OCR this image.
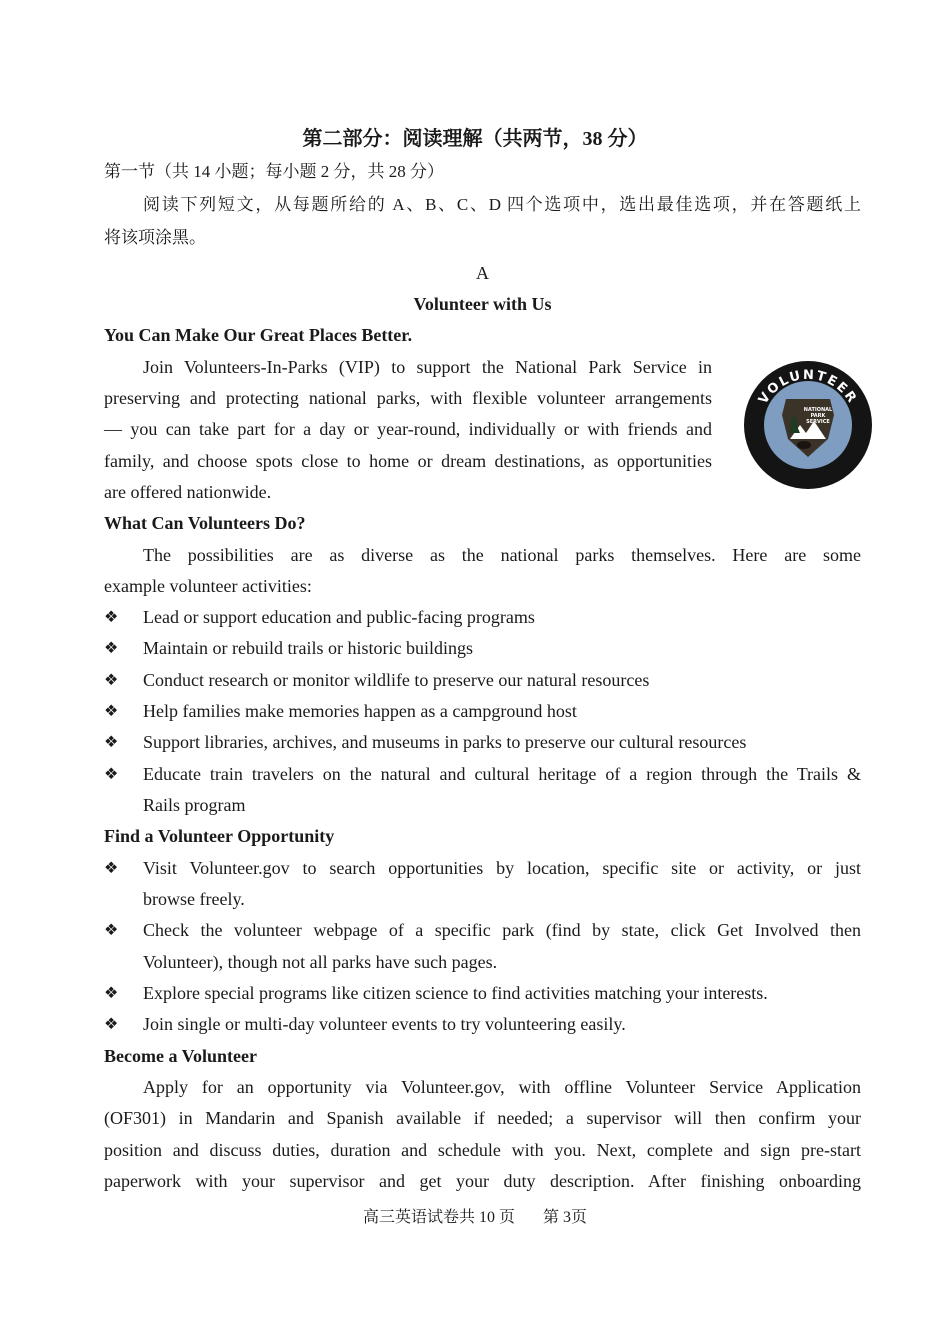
第二部分：阅读理解（共两节，38 分）
第一节（共 14 小题；每小题 2 分，共 28 分）
阅读下列短文，从每题所给的 A、B、C、D 四个选项中，选出最佳选项，并在答题纸上
将该项涂黑。
A
Volunteer with Us
You Can Make Our Great Places Better.
Join Volunteers-In-Parks (VIP) to support the National Park Service in
preserving and protecting national parks, with flexible volunteer arrangements
— you can take part for a day or year-round, individually or with friends and
family, and choose spots close to home or dream destinations, as opportunities
are offered nationwide.
VOLUNTEER
NATIONAL
PARK
SERVICE
What Can Volunteers Do?
The possibilities are as diverse as the national parks themselves. Here are some
example volunteer activities:
❖ Lead or support education and public-facing programs
❖ Maintain or rebuild trails or historic buildings
❖ Conduct research or monitor wildlife to preserve our natural resources
❖ Help families make memories happen as a campground host
❖ Support libraries, archives, and museums in parks to preserve our cultural resources
❖ Educate train travelers on the natural and cultural heritage of a region through the Trails &
Rails program
Find a Volunteer Opportunity
❖ Visit Volunteer.gov to search opportunities by location, specific site or activity, or just
browse freely.
❖ Check the volunteer webpage of a specific park (find by state, click Get Involved then
Volunteer), though not all parks have such pages.
❖ Explore special programs like citizen science to find activities matching your interests.
❖ Join single or multi-day volunteer events to try volunteering easily.
Become a Volunteer
Apply for an opportunity via Volunteer.gov, with offline Volunteer Service Application
(OF301) in Mandarin and Spanish available if needed; a supervisor will then confirm your
position and discuss duties, duration and schedule with you. Next, complete and sign pre-start
paperwork with your supervisor and get your duty description. After finishing onboarding
高三英语试卷共 10 页 第 3页
